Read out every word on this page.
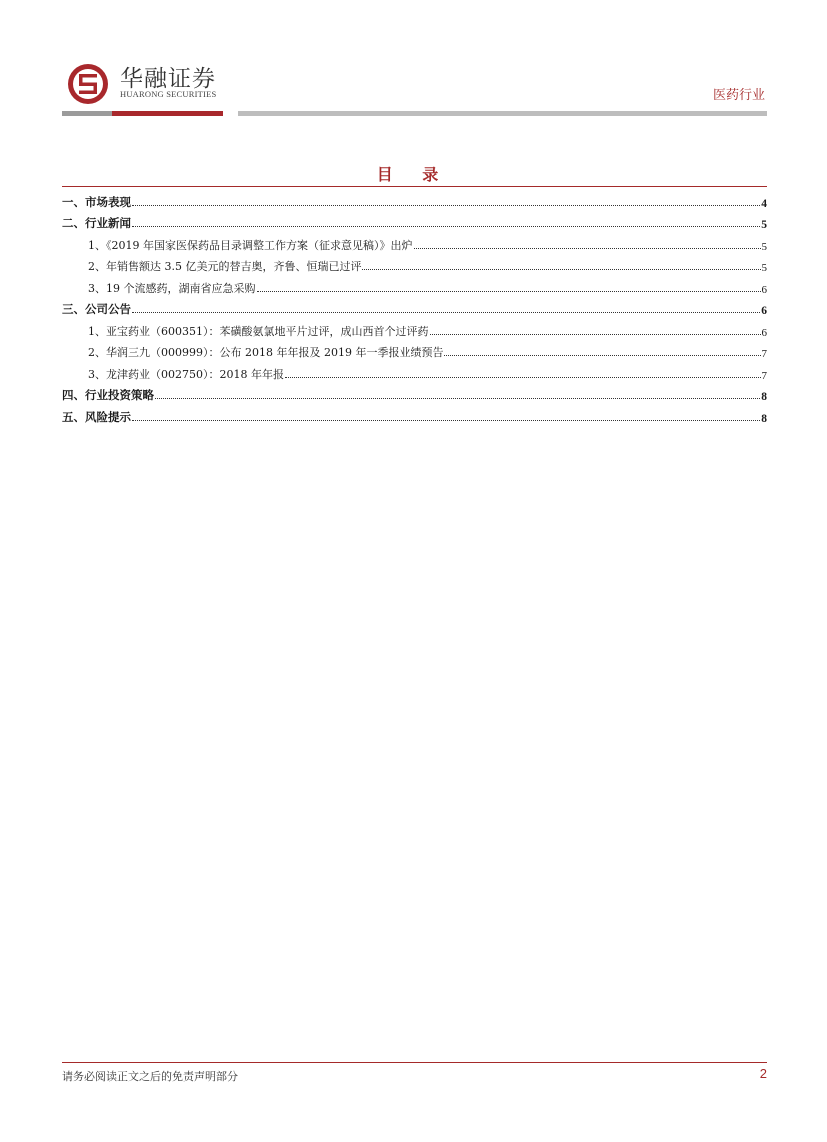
华融证券
HUARONG SECURITIES	医药行业
目 录
一、市场表现	4
二、行业新闻	5
1、《2019 年国家医保药品目录调整工作方案（征求意见稿）》出炉	5
2、年销售额达 3.5 亿美元的替吉奥，齐鲁、恒瑞已过评	5
3、19 个流感药，湖南省应急采购	6
三、公司公告	6
1、亚宝药业（600351）：苯磺酸氨氯地平片过评，成山西首个过评药	6
2、华润三九（000999）：公布 2018 年年报及 2019 年一季报业绩预告	7
3、龙津药业（002750）：2018 年年报	7
四、行业投资策略	8
五、风险提示	8
请务必阅读正文之后的免责声明部分	2
